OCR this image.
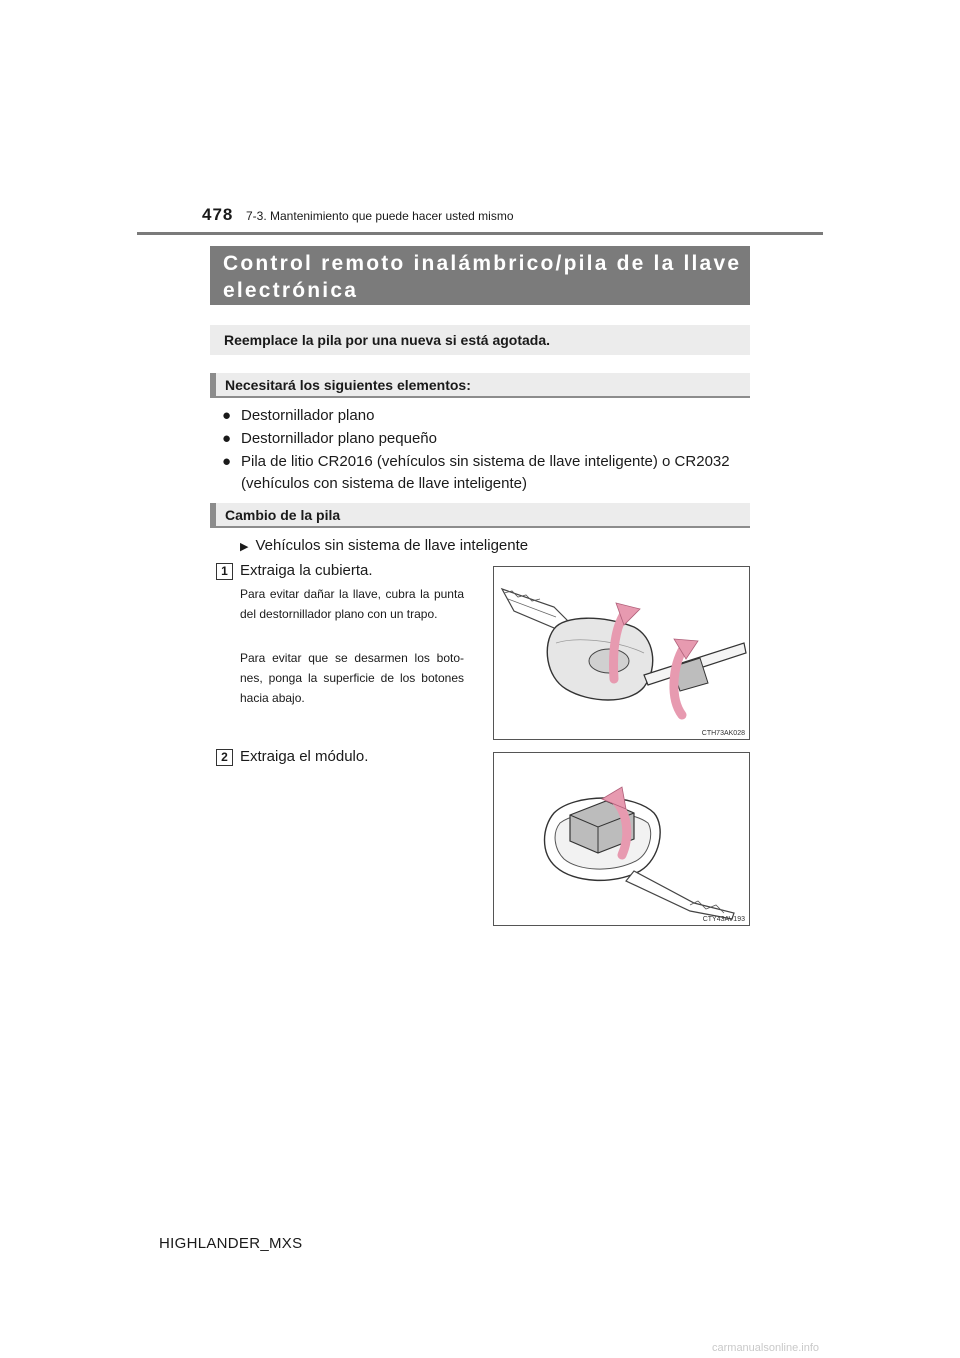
478 7-3. Mantenimiento que puede hacer usted mismo
Control remoto inalámbrico/pila de la llave electrónica
Reemplace la pila por una nueva si está agotada.
Necesitará los siguientes elementos:
● Destornillador plano
● Destornillador plano pequeño
● Pila de litio CR2016 (vehículos sin sistema de llave inteligente) o CR2032 (vehículos con sistema de llave inteligente)
Cambio de la pila
▶ Vehículos sin sistema de llave inteligente
1 Extraiga la cubierta.
Para evitar dañar la llave, cubra la punta del destornillador plano con un trapo.
Para evitar que se desarmen los boto-nes, ponga la superficie de los botones hacia abajo.
CTH73AK028
2 Extraiga el módulo.
CTY43AV193
HIGHLANDER_MXS
carmanualsonline.info
